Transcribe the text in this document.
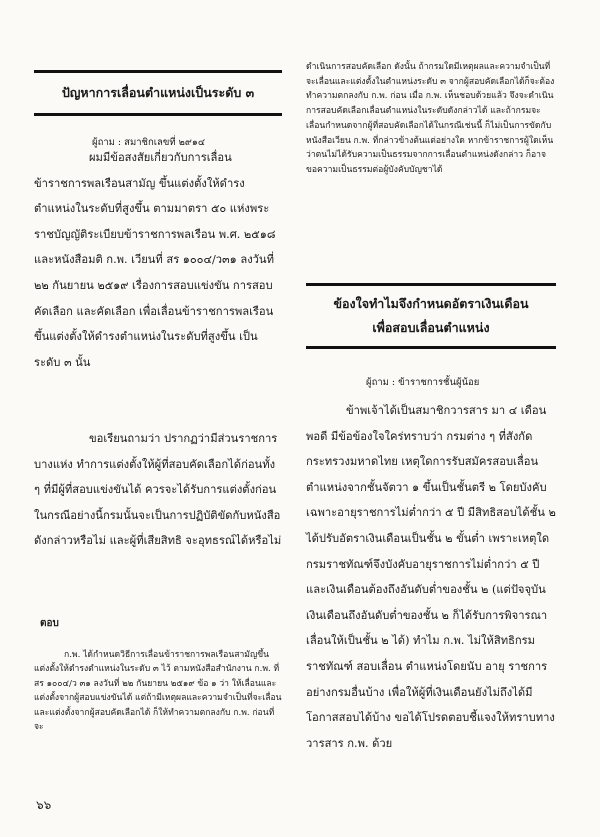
ปัญหาการเลื่อนตำแหน่งเป็นระดับ ๓
ผู้ถาม : สมาชิกเลขที่ ๒๙๑๔

ผมมีข้อสงสัยเกี่ยวกับการเลื่อนข้าราชการพลเรือนสามัญ ขึ้นแต่งตั้งให้ดำรงตำแหน่งในระดับที่สูงขึ้น ตามมาตรา ๕๐ แห่งพระราชบัญญัติระเบียบข้าราชการพลเรือน พ.ศ. ๒๕๑๘ และหนังสือมติ ก.พ. เวียนที่ สร ๑๐๐๔/ว๓๑ ลงวันที่ ๒๒ กันยายน ๒๕๑๙ เรื่องการสอบแข่งขัน การสอบคัดเลือก และคัดเลือก เพื่อเลื่อนข้าราชการพลเรือนขึ้นแต่งตั้งให้ดำรงตำแหน่งในระดับที่สูงขึ้น เป็น ระดับ ๓ นั้น

ขอเรียนถามว่า ปรากฏว่ามีส่วนราชการบางแห่ง ทำการแต่งตั้งให้ผู้ที่สอบคัดเลือกได้ก่อนทั้ง ๆ ที่มีผู้ที่สอบแข่งขันได้ ควรจะได้รับการแต่งตั้งก่อน ในกรณีอย่างนี้กรมนั้นจะเป็นการปฏิบัติขัดกับหนังสือดังกล่าวหรือไม่ และผู้ที่เสียสิทธิ จะอุทธรณ์ได้หรือไม่

ตอบ

ก.พ. ได้กำหนดวิธีการเลื่อนข้าราชการพลเรือนสามัญขึ้นแต่งตั้งให้ดำรงตำแหน่งในระดับ ๓ ไว้ ตามหนังสือสำนักงาน ก.พ. ที่ สร ๑๐๐๔/ว ๓๑ ลงวันที่ ๒๒ กันยายน ๒๕๑๙ ข้อ ๑ ว่า ให้เลื่อนและแต่งตั้งจากผู้สอบแข่งขันได้ แต่ถ้ามีเหตุผลและความจำเป็นที่จะเลื่อนและแต่งตั้งจากผู้สอบคัดเลือกได้ ก็ให้ทำความตกลงกับ ก.พ. ก่อนที่จะ

๖๖

ดำเนินการสอบคัดเลือก ดังนั้น ถ้ากรมใดมีเหตุผลและความจำเป็นที่จะเลื่อนและแต่งตั้งในตำแหน่งระดับ ๓ จากผู้สอบคัดเลือกได้ก็จะต้องทำความตกลงกับ ก.พ. ก่อน เมื่อ ก.พ. เห็นชอบด้วยแล้ว จึงจะดำเนินการสอบคัดเลือกเลื่อนตำแหน่งในระดับดังกล่าวได้ และถ้ากรมจะเลื่อนกำหนดจากผู้ที่สอบคัดเลือกได้ในกรณีเช่นนี้ ก็ไม่เป็นการขัดกับหนังสือเวียน ก.พ. ที่กล่าวข้างต้นแต่อย่างใด หากข้าราชการผู้ใดเห็นว่าตนไม่ได้รับความเป็นธรรมจากการเลื่อนตำแหน่งดังกล่าว ก็อาจขอความเป็นธรรมต่อผู้บังคับบัญชาได้

ข้องใจทำไมจึงกำหนดอัตราเงินเดือน
เพื่อสอบเลื่อนตำแหน่ง
ผู้ถาม : ข้าราชการชั้นผู้น้อย

ข้าพเจ้าได้เป็นสมาชิกวารสาร มา ๔ เดือน พอดี มีข้อข้องใจใคร่ทราบว่า กรมต่าง ๆ ที่สังกัดกระทรวงมหาดไทย เหตุใดการรับสมัครสอบเลื่อนตำแหน่งจากชั้นจัตวา ๑ ขึ้นเป็นชั้นตรี ๒ โดยบังคับเฉพาะอายุราชการไม่ต่ำกว่า ๕ ปี มีสิทธิสอบได้ชั้น ๒ ได้ปรับอัตราเงินเดือนเป็นชั้น ๒ ขั้นต่ำ เพราะเหตุใด กรมราชทัณฑ์จึงบังคับอายุราชการไม่ต่ำกว่า ๕ ปี และเงินเดือนต้องถึงอันดับต่ำของชั้น ๒ (แต่ปัจจุบันเงินเดือนถึงอันดับต่ำของชั้น ๒ ก็ได้รับการพิจารณาเลื่อนให้เป็นชั้น ๒ ได้) ทำไม ก.พ. ไม่ให้สิทธิกรมราชทัณฑ์ สอบเลื่อน ตำแหน่งโดยนับ อายุ ราชการอย่างกรมอื่นบ้าง เพื่อให้ผู้ที่เงินเดือนยังไม่ถึงได้มีโอกาสสอบได้บ้าง ขอได้โปรดตอบชี้แจงให้ทราบทางวารสาร ก.พ. ด้วย
